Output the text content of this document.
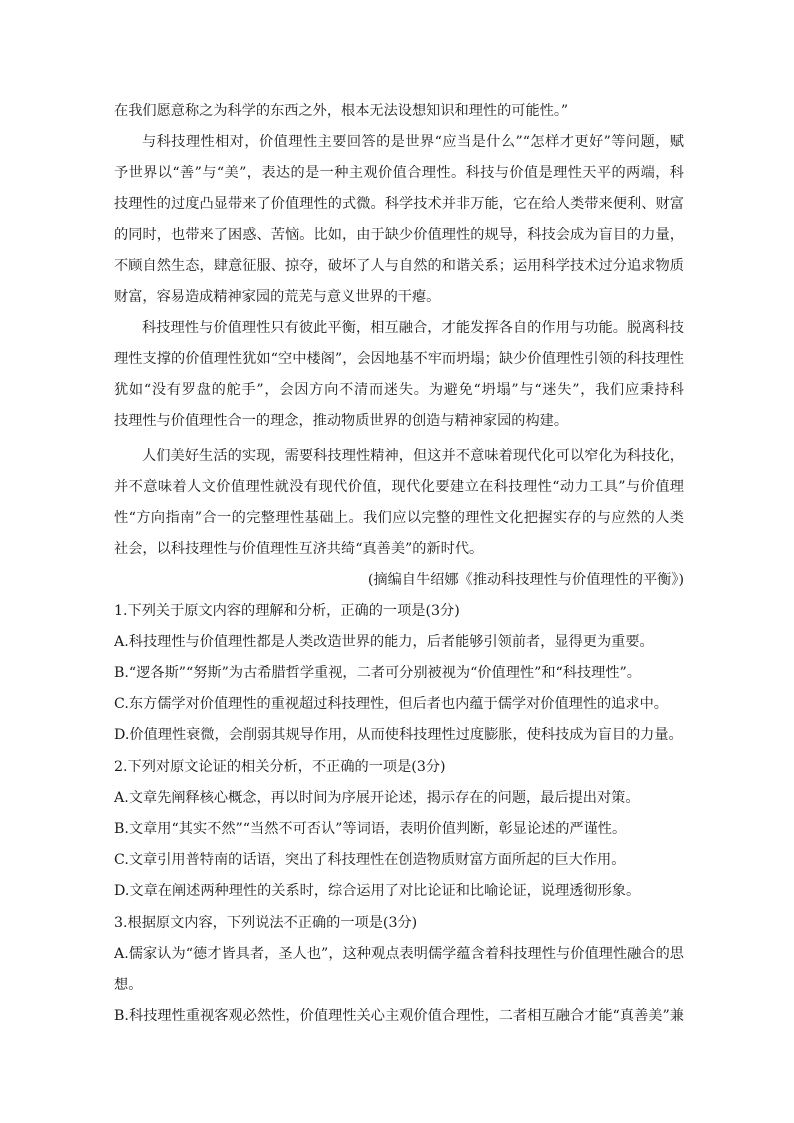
在我们愿意称之为科学的东西之外，根本无法设想知识和理性的可能性。”
与科技理性相对，价值理性主要回答的是世界“应当是什么”“怎样才更好”等问题，赋
予世界以“善”与“美”，表达的是一种主观价值合理性。科技与价值是理性天平的两端，科
技理性的过度凸显带来了价值理性的式微。科学技术并非万能，它在给人类带来便利、财富
的同时，也带来了困惑、苦恼。比如，由于缺少价值理性的规导，科技会成为盲目的力量，
不顾自然生态，肆意征服、掠夺，破坏了人与自然的和谐关系；运用科学技术过分追求物质
财富，容易造成精神家园的荒芜与意义世界的干瘪。
科技理性与价值理性只有彼此平衡，相互融合，才能发挥各自的作用与功能。脱离科技
理性支撑的价值理性犹如“空中楼阁”，会因地基不牢而坍塌；缺少价值理性引领的科技理性
犹如“没有罗盘的舵手”，会因方向不清而迷失。为避免“坍塌”与“迷失”，我们应秉持科
技理性与价值理性合一的理念，推动物质世界的创造与精神家园的构建。
人们美好生活的实现，需要科技理性精神，但这并不意味着现代化可以窄化为科技化，
并不意味着人文价值理性就没有现代价值，现代化要建立在科技理性“动力工具”与价值理
性“方向指南”合一的完整理性基础上。我们应以完整的理性文化把握实存的与应然的人类
社会，以科技理性与价值理性互济共绮“真善美”的新时代。
(摘编自牛绍娜《推动科技理性与价值理性的平衡》)
1.下列关于原文内容的理解和分析，正确的一项是(3分)
A.科技理性与价值理性都是人类改造世界的能力，后者能够引领前者，显得更为重要。
B.“逻各斯”“努斯”为古希腊哲学重视，二者可分别被视为“价值理性”和“科技理性”。
C.东方儒学对价值理性的重视超过科技理性，但后者也内蕴于儒学对价值理性的追求中。
D.价值理性衰微，会削弱其规导作用，从而使科技理性过度膨胀，使科技成为盲目的力量。
2.下列对原文论证的相关分析，不正确的一项是(3分)
A.文章先阐释核心概念，再以时间为序展开论述，揭示存在的问题，最后提出对策。
B.文章用“其实不然”“当然不可否认”等词语，表明价值判断，彰显论述的严谨性。
C.文章引用普特南的话语，突出了科技理性在创造物质财富方面所起的巨大作用。
D.文章在阐述两种理性的关系时，综合运用了对比论证和比喻论证，说理透彻形象。
3.根据原文内容，下列说法不正确的一项是(3分)
A.儒家认为“德才皆具者，圣人也”，这种观点表明儒学蕴含着科技理性与价值理性融合的思
想。
B.科技理性重视客观必然性，价值理性关心主观价值合理性，二者相互融合才能“真善美”兼
